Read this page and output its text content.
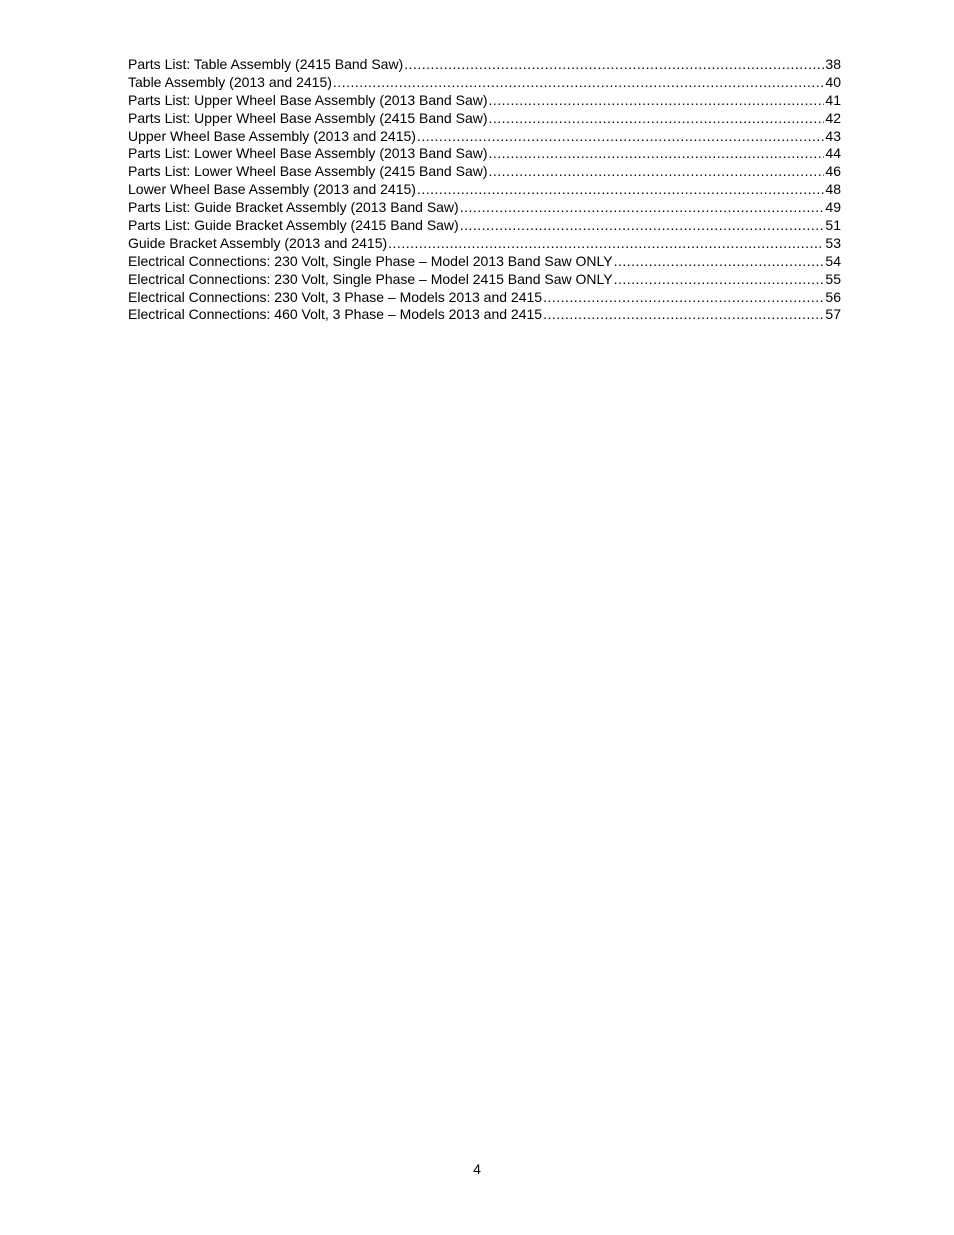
Parts List: Table Assembly (2415 Band Saw) .....	38
Table Assembly (2013 and 2415) .....	40
Parts List: Upper Wheel Base Assembly (2013 Band Saw) .....	41
Parts List: Upper Wheel Base Assembly (2415 Band Saw) .....	42
Upper Wheel Base Assembly (2013 and 2415) .....	43
Parts List: Lower Wheel Base Assembly (2013 Band Saw) .....	44
Parts List: Lower Wheel Base Assembly (2415 Band Saw) .....	46
Lower Wheel Base Assembly (2013 and 2415) .....	48
Parts List: Guide Bracket Assembly (2013 Band Saw) .....	49
Parts List: Guide Bracket Assembly (2415 Band Saw) .....	51
Guide Bracket Assembly (2013 and 2415) .....	53
Electrical Connections: 230 Volt, Single Phase – Model 2013 Band Saw ONLY .....	54
Electrical Connections: 230 Volt, Single Phase – Model 2415 Band Saw ONLY .....	55
Electrical Connections: 230 Volt, 3 Phase – Models 2013 and 2415 .....	56
Electrical Connections: 460 Volt, 3 Phase – Models 2013 and 2415 .....	57
4
